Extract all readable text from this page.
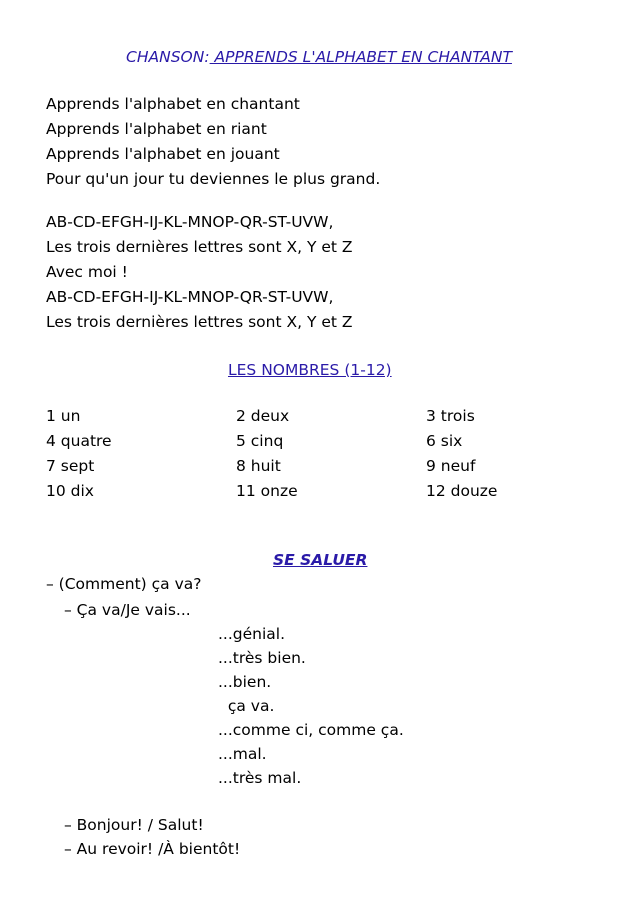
CHANSON: APPRENDS L'ALPHABET EN CHANTANT
Apprends l'alphabet en chantant
Apprends l'alphabet en riant
Apprends l'alphabet en jouant
Pour qu'un jour tu deviennes le plus grand.
AB-CD-EFGH-IJ-KL-MNOP-QR-ST-UVW,
Les trois dernières lettres sont X, Y et Z
Avec moi !
AB-CD-EFGH-IJ-KL-MNOP-QR-ST-UVW,
Les trois dernières lettres sont X, Y et Z
LES NOMBRES (1-12)
1 un	2 deux	3 trois
4 quatre	5 cinq	6 six
7 sept	8 huit	9 neuf
10 dix	11 onze	12 douze
SE SALUER
– (Comment) ça va?
– Ça va/Je vais...
...génial.
...très bien.
...bien.
ça va.
...comme ci, comme ça.
...mal.
...très mal.
– Bonjour! / Salut!
– Au revoir! /À bientôt!
